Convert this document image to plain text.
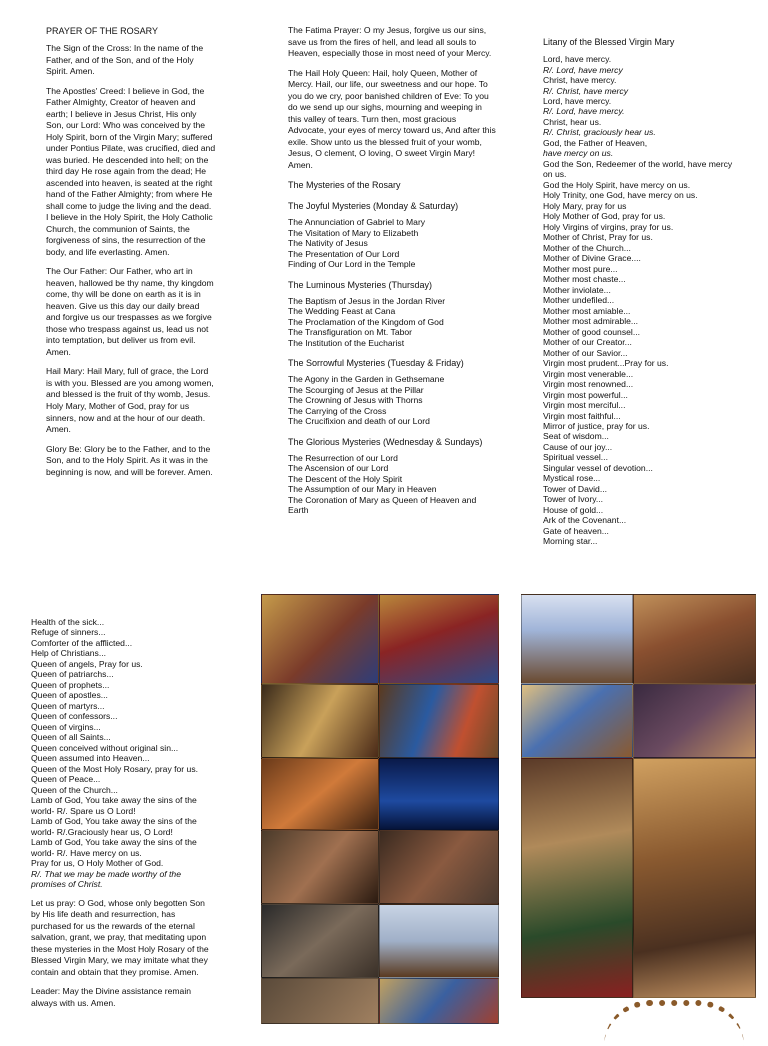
PRAYER OF THE ROSARY

The Sign of the Cross: In the name of the Father, and of the Son, and of the Holy Spirit. Amen.

The Apostles' Creed: I believe in God, the Father Almighty, Creator of heaven and earth; I believe in Jesus Christ, His only Son, our Lord: Who was conceived by the Holy Spirit, born of the Virgin Mary; suffered under Pontius Pilate, was crucified, died and was buried. He descended into hell; on the third day He rose again from the dead; He ascended into heaven, is seated at the right hand of the Father Almighty; from where He shall come to judge the living and the dead. I believe in the Holy Spirit, the Holy Catholic Church, the communion of Saints, the forgiveness of sins, the resurrection of the body, and life everlasting. Amen.

The Our Father: Our Father, who art in heaven, hallowed be thy name, thy kingdom come, thy will be done on earth as it is in heaven. Give us this day our daily bread and forgive us our trespasses as we forgive those who trespass against us, lead us not into temptation, but deliver us from evil. Amen.

Hail Mary: Hail Mary, full of grace, the Lord is with you. Blessed are you among women, and blessed is the fruit of thy womb, Jesus. Holy Mary, Mother of God, pray for us sinners, now and at the hour of our death. Amen.

Glory Be: Glory be to the Father, and to the Son, and to the Holy Spirit. As it was in the beginning is now, and will be forever. Amen.

The Fatima Prayer: O my Jesus, forgive us our sins, save us from the fires of hell, and lead all souls to Heaven, especially those in most need of your Mercy.

The Hail Holy Queen: Hail, holy Queen, Mother of Mercy. Hail, our life, our sweetness and our hope. To you do we cry, poor banished children of Eve: To you do we send up our sighs, mourning and weeping in this valley of tears. Turn then, most gracious Advocate, your eyes of mercy toward us, And after this exile. Show unto us the blessed fruit of your womb, Jesus, O clement, O loving, O sweet Virgin Mary! Amen.

The Mysteries of the Rosary
The Joyful Mysteries (Monday & Saturday)
The Annunciation of Gabriel to Mary
The Visitation of Mary to Elizabeth
The Nativity of Jesus
The Presentation of Our Lord
Finding of Our Lord in the Temple
The Luminous Mysteries (Thursday)
The Baptism of Jesus in the Jordan River
The Wedding Feast at Cana
The Proclamation of the Kingdom of God
The Transfiguration on Mt. Tabor
The Institution of the Eucharist
The Sorrowful Mysteries (Tuesday & Friday)
The Agony in the Garden in Gethsemane
The Scourging of Jesus at the Pillar
The Crowning of Jesus with Thorns
The Carrying of the Cross
The Crucifixion and death of our Lord
The Glorious Mysteries (Wednesday & Sundays)
The Resurrection of our Lord
The Ascension of our Lord
The Descent of the Holy Spirit
The Assumption of our Mary in Heaven
The Coronation of Mary as Queen of Heaven and Earth
Litany of the Blessed Virgin Mary
Lord, have mercy.
R/. Lord, have mercy
Christ, have mercy.
R/. Christ, have mercy
Lord, have mercy.
R/. Lord, have mercy.
Christ, hear us.
R/. Christ, graciously hear us.
God, the Father of Heaven,
have mercy on us.
God the Son, Redeemer of the world, have mercy on us.
God the Holy Spirit, have mercy on us.
Holy Trinity, one God, have mercy on us.
Holy Mary, pray for us
Holy Mother of God, pray for us.
Holy Virgins of virgins, pray for us.
Mother of Christ, Pray for us.
Mother of the Church...
Mother of Divine Grace....
Mother most pure...
Mother most chaste...
Mother inviolate...
Mother undefiled...
Mother most amiable...
Mother most admirable...
Mother of good counsel...
Mother of our Creator...
Mother of our Savior...
Virgin most prudent...Pray for us.
Virgin most venerable...
Virgin most renowned...
Virgin most powerful...
Virgin most merciful...
Virgin most faithful...
Mirror of justice, pray for us.
Seat of wisdom...
Cause of our joy...
Spiritual vessel...
Singular vessel of devotion...
Mystical rose...
Tower of David...
Tower of Ivory...
House of gold...
Ark of the Covenant...
Gate of heaven...
Morning star...
Health of the sick...
Refuge of sinners...
Comforter of the afflicted...
Help of Christians...
Queen of angels, Pray for us.
Queen of patriarchs...
Queen of prophets...
Queen of apostles...
Queen of martyrs...
Queen of confessors...
Queen of virgins...
Queen of all Saints...
Queen conceived without original sin...
Queen assumed into Heaven...
Queen of the Most Holy Rosary, pray for us.
Queen of Peace...
Queen of the Church...
Lamb of God, You take away the sins of the world- R/. Spare us O Lord!
Lamb of God, You take away the sins of the world- R/.Graciously hear us, O Lord!
Lamb of God, You take away the sins of the world- R/. Have mercy on us.
Pray for us, O Holy Mother of God.
R/. That we may be made worthy of the promises of Christ.

Let us pray: O God, whose only begotten Son by His life death and resurrection, has purchased for us the rewards of the eternal salvation, grant, we pray, that meditating upon these mysteries in the Most Holy Rosary of the Blessed Virgin Mary, we may imitate what they contain and obtain that they promise. Amen.

Leader: May the Divine assistance remain always with us. Amen.
